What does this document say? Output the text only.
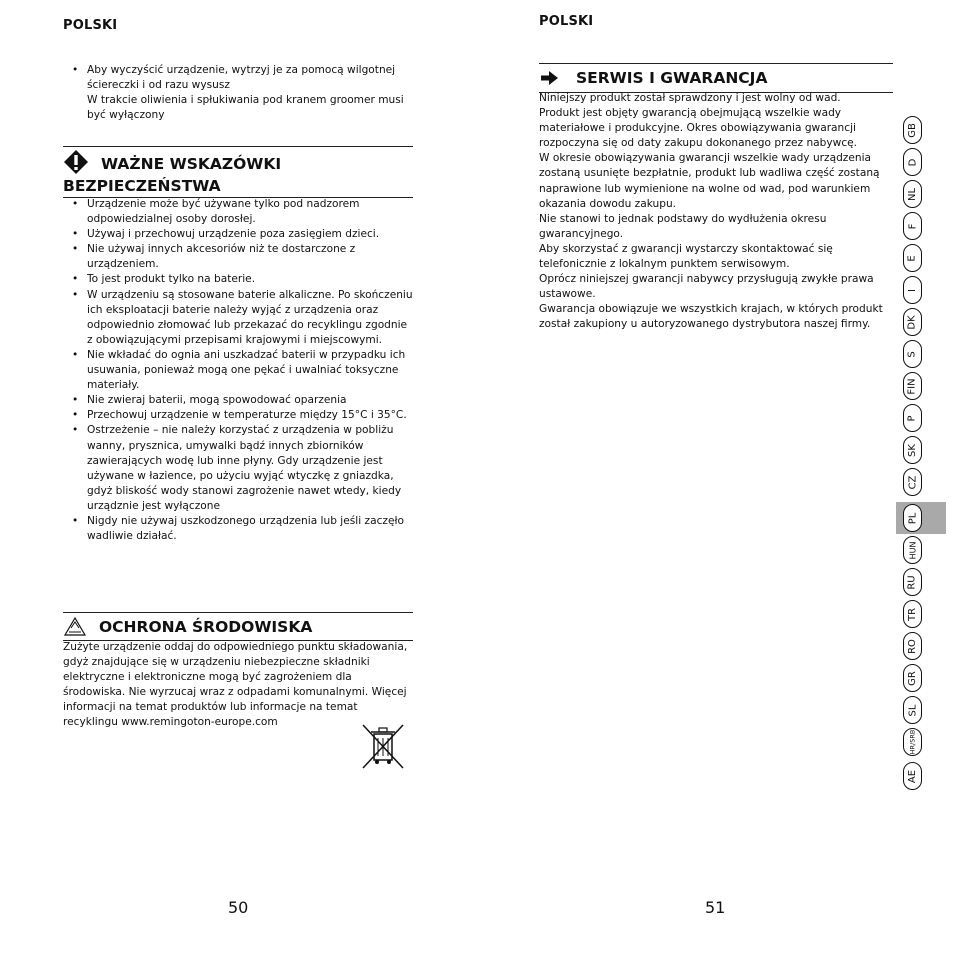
POLSKI
• Aby wyczyścić urządzenie, wytrzyj je za pomocą wilgotnej ściereczki i od razu wysusz
W trakcie oliwienia i spłukiwania pod kranem groomer musi być wyłączony
WAŻNE WSKAZÓWKI
BEZPIECZEŃSTWA
• Urządzenie może być używane tylko pod nadzorem odpowiedzialnej osoby dorosłej.
• Używaj i przechowuj urządzenie poza zasięgiem dzieci.
• Nie używaj innych akcesoriów niż te dostarczone z urządzeniem.
• To jest produkt tylko na baterie.
• W urządzeniu są stosowane baterie alkaliczne. Po skończeniu ich eksploatacji baterie należy wyjąć z urządzenia oraz odpowiednio złomować lub przekazać do recyklingu zgodnie z obowiązującymi przepisami krajowymi i miejscowymi.
• Nie wkładać do ognia ani uszkadzać baterii w przypadku ich usuwania, ponieważ mogą one pękać i uwalniać toksyczne materiały.
• Nie zwieraj baterii, mogą spowodować oparzenia
• Przechowuj urządzenie w temperaturze między 15°C i 35°C.
• Ostrzeżenie – nie należy korzystać z urządzenia w pobliżu wanny, prysznica, umywalki bądź innych zbiorników zawierających wodę lub inne płyny. Gdy urządzenie jest używane w łazience, po użyciu wyjąć wtyczkę z gniazdka, gdyż bliskość wody stanowi zagrożenie nawet wtedy, kiedy urządznie jest wyłączone
• Nigdy nie używaj uszkodzonego urządzenia lub jeśli zaczęło wadliwie działać.
OCHRONA ŚRODOWISKA
Zużyte urządzenie oddaj do odpowiedniego punktu składowania, gdyż znajdujące się w urządzeniu niebezpieczne składniki elektryczne i elektroniczne mogą być zagrożeniem dla środowiska. Nie wyrzucaj wraz z odpadami komunalnymi. Więcej informacji na temat produktów lub informacje na temat recyklingu www.remingoton-europe.com
50
POLSKI
SERWIS I GWARANCJA
Niniejszy produkt został sprawdzony i jest wolny od wad.
Produkt jest objęty gwarancją obejmującą wszelkie wady materiałowe i produkcyjne. Okres obowiązywania gwarancji rozpoczyna się od daty zakupu dokonanego przez nabywcę.
W okresie obowiązywania gwarancji wszelkie wady urządzenia zostaną usunięte bezpłatnie, produkt lub wadliwa część zostaną naprawione lub wymienione na wolne od wad, pod warunkiem okazania dowodu zakupu.
Nie stanowi to jednak podstawy do wydłużenia okresu gwarancyjnego.
Aby skorzystać z gwarancji wystarczy skontaktować się telefonicznie z lokalnym punktem serwisowym.
Oprócz niniejszej gwarancji nabywcy przysługują zwykłe prawa ustawowe.
Gwarancja obowiązuje we wszystkich krajach, w których produkt został zakupiony u autoryzowanego dystrybutora naszej firmy.
51
GB
D
NL
F
E
I
DK
S
FIN
P
SK
CZ
PL
HUN
RU
TR
RO
GR
SL
HR/SRB
AE
